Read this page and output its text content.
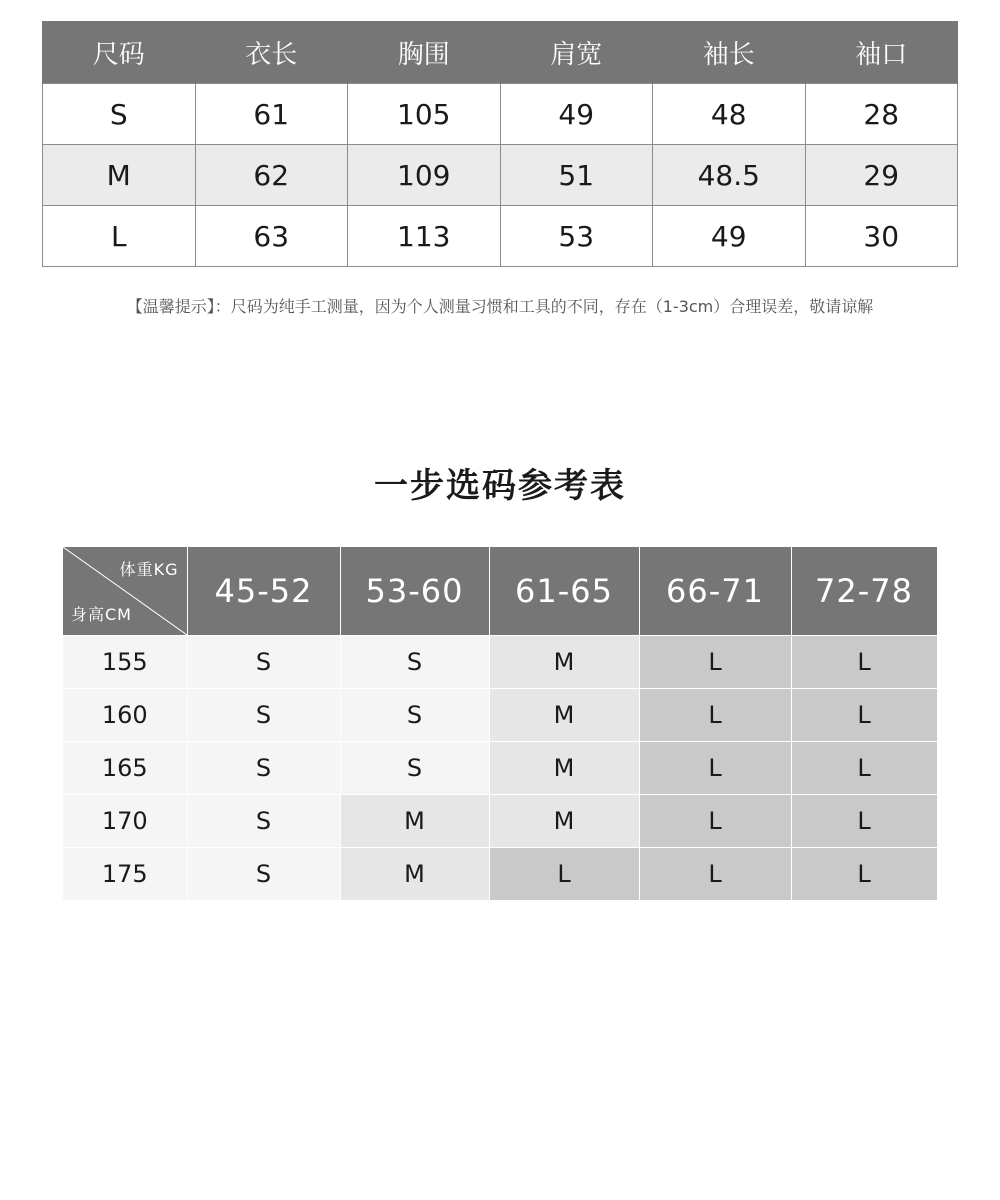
尺码	衣长	胸围	肩宽	袖长	袖口
S	61	105	49	48	28
M	62	109	51	48.5	29
L	63	113	53	49	30
【温馨提示】：尺码为纯手工测量，因为个人测量习惯和工具的不同，存在（1-3cm）合理误差，敬请谅解
一步选码参考表
体重KG
身高CM	45-52	53-60	61-65	66-71	72-78
155	S	S	M	L	L
160	S	S	M	L	L
165	S	S	M	L	L
170	S	M	M	L	L
175	S	M	L	L	L
